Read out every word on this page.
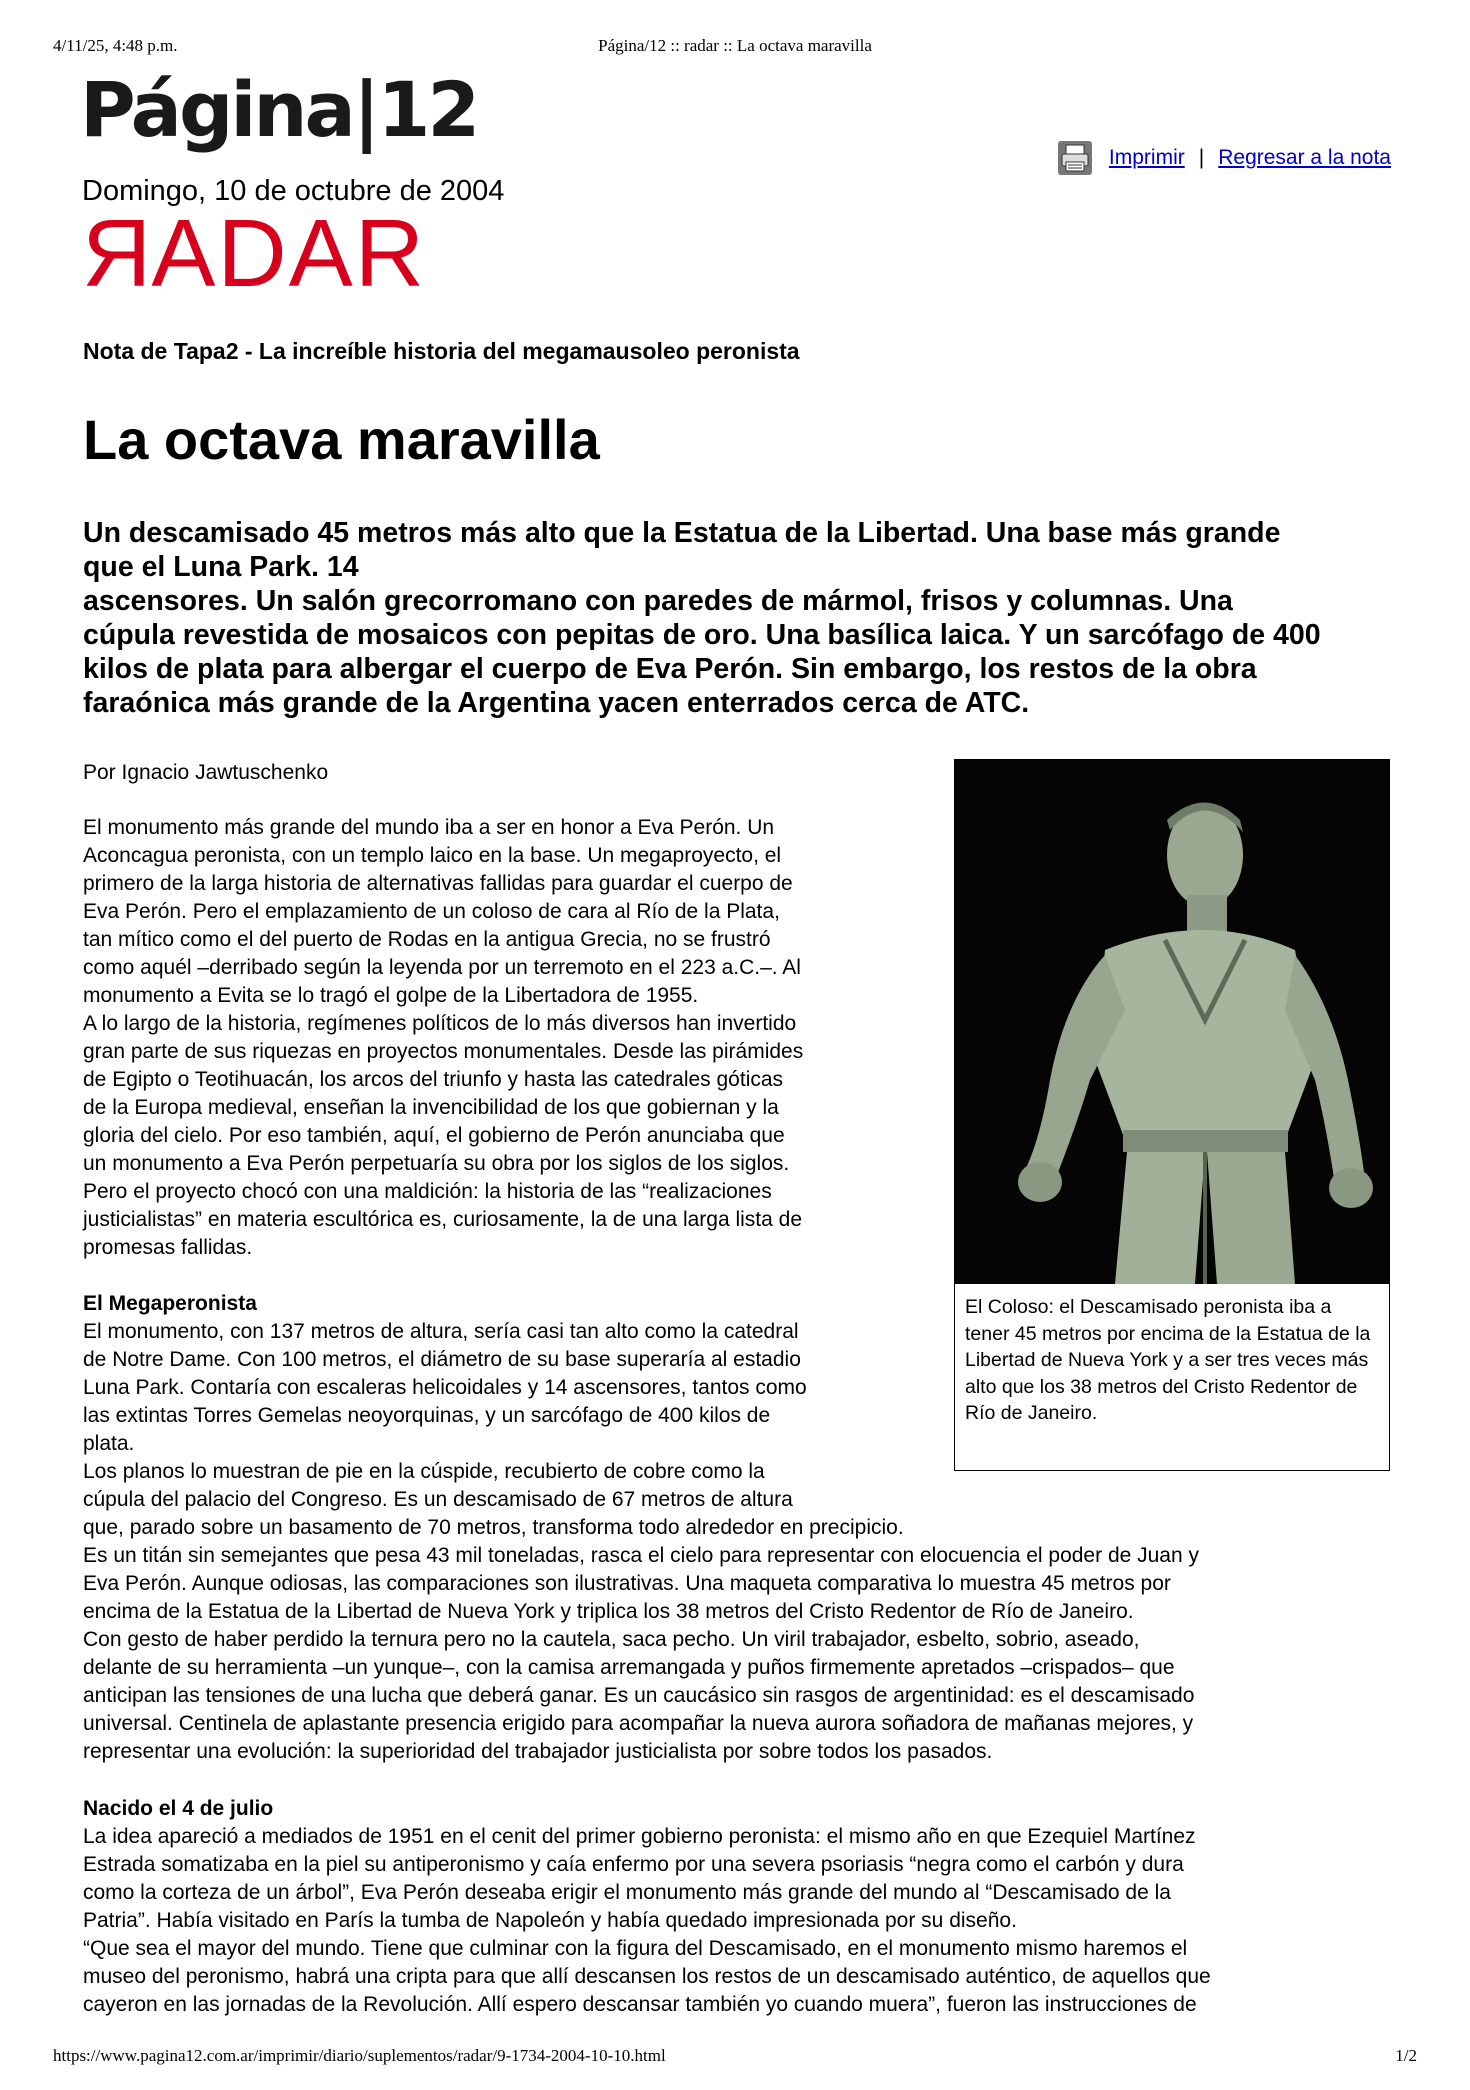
4/11/25, 4:48 p.m.	Página/12 :: radar :: La octava maravilla
Página|12
Domingo, 10 de octubre de 2004
RADAR
Imprimir | Regresar a la nota
Nota de Tapa2 - La increíble historia del megamausoleo peronista
La octava maravilla
Un descamisado 45 metros más alto que la Estatua de la Libertad. Una base más grande
que el Luna Park. 14
ascensores. Un salón grecorromano con paredes de mármol, frisos y columnas. Una
cúpula revestida de mosaicos con pepitas de oro. Una basílica laica. Y un sarcófago de 400
kilos de plata para albergar el cuerpo de Eva Perón. Sin embargo, los restos de la obra
faraónica más grande de la Argentina yacen enterrados cerca de ATC.
Por Ignacio Jawtuschenko
El Coloso: el Descamisado peronista iba a tener 45 metros por encima de la Estatua de la Libertad de Nueva York y a ser tres veces más alto que los 38 metros del Cristo Redentor de Río de Janeiro.
El monumento más grande del mundo iba a ser en honor a Eva Perón. Un
Aconcagua peronista, con un templo laico en la base. Un megaproyecto, el
primero de la larga historia de alternativas fallidas para guardar el cuerpo de
Eva Perón. Pero el emplazamiento de un coloso de cara al Río de la Plata,
tan mítico como el del puerto de Rodas en la antigua Grecia, no se frustró
como aquél –derribado según la leyenda por un terremoto en el 223 a.C.–. Al
monumento a Evita se lo tragó el golpe de la Libertadora de 1955.
A lo largo de la historia, regímenes políticos de lo más diversos han invertido
gran parte de sus riquezas en proyectos monumentales. Desde las pirámides
de Egipto o Teotihuacán, los arcos del triunfo y hasta las catedrales góticas
de la Europa medieval, enseñan la invencibilidad de los que gobiernan y la
gloria del cielo. Por eso también, aquí, el gobierno de Perón anunciaba que
un monumento a Eva Perón perpetuaría su obra por los siglos de los siglos.
Pero el proyecto chocó con una maldición: la historia de las “realizaciones
justicialistas” en materia escultórica es, curiosamente, la de una larga lista de
promesas fallidas.
El Megaperonista
El monumento, con 137 metros de altura, sería casi tan alto como la catedral
de Notre Dame. Con 100 metros, el diámetro de su base superaría al estadio
Luna Park. Contaría con escaleras helicoidales y 14 ascensores, tantos como
las extintas Torres Gemelas neoyorquinas, y un sarcófago de 400 kilos de
plata.
Los planos lo muestran de pie en la cúspide, recubierto de cobre como la
cúpula del palacio del Congreso. Es un descamisado de 67 metros de altura
que, parado sobre un basamento de 70 metros, transforma todo alrededor en precipicio.
Es un titán sin semejantes que pesa 43 mil toneladas, rasca el cielo para representar con elocuencia el poder de Juan y
Eva Perón. Aunque odiosas, las comparaciones son ilustrativas. Una maqueta comparativa lo muestra 45 metros por
encima de la Estatua de la Libertad de Nueva York y triplica los 38 metros del Cristo Redentor de Río de Janeiro.
Con gesto de haber perdido la ternura pero no la cautela, saca pecho. Un viril trabajador, esbelto, sobrio, aseado,
delante de su herramienta –un yunque–, con la camisa arremangada y puños firmemente apretados –crispados– que
anticipan las tensiones de una lucha que deberá ganar. Es un caucásico sin rasgos de argentinidad: es el descamisado
universal. Centinela de aplastante presencia erigido para acompañar la nueva aurora soñadora de mañanas mejores, y
representar una evolución: la superioridad del trabajador justicialista por sobre todos los pasados.
Nacido el 4 de julio
La idea apareció a mediados de 1951 en el cenit del primer gobierno peronista: el mismo año en que Ezequiel Martínez
Estrada somatizaba en la piel su antiperonismo y caía enfermo por una severa psoriasis “negra como el carbón y dura
como la corteza de un árbol”, Eva Perón deseaba erigir el monumento más grande del mundo al “Descamisado de la
Patria”. Había visitado en París la tumba de Napoleón y había quedado impresionada por su diseño.
“Que sea el mayor del mundo. Tiene que culminar con la figura del Descamisado, en el monumento mismo haremos el
museo del peronismo, habrá una cripta para que allí descansen los restos de un descamisado auténtico, de aquellos que
cayeron en las jornadas de la Revolución. Allí espero descansar también yo cuando muera”, fueron las instrucciones de
https://www.pagina12.com.ar/imprimir/diario/suplementos/radar/9-1734-2004-10-10.html	1/2
